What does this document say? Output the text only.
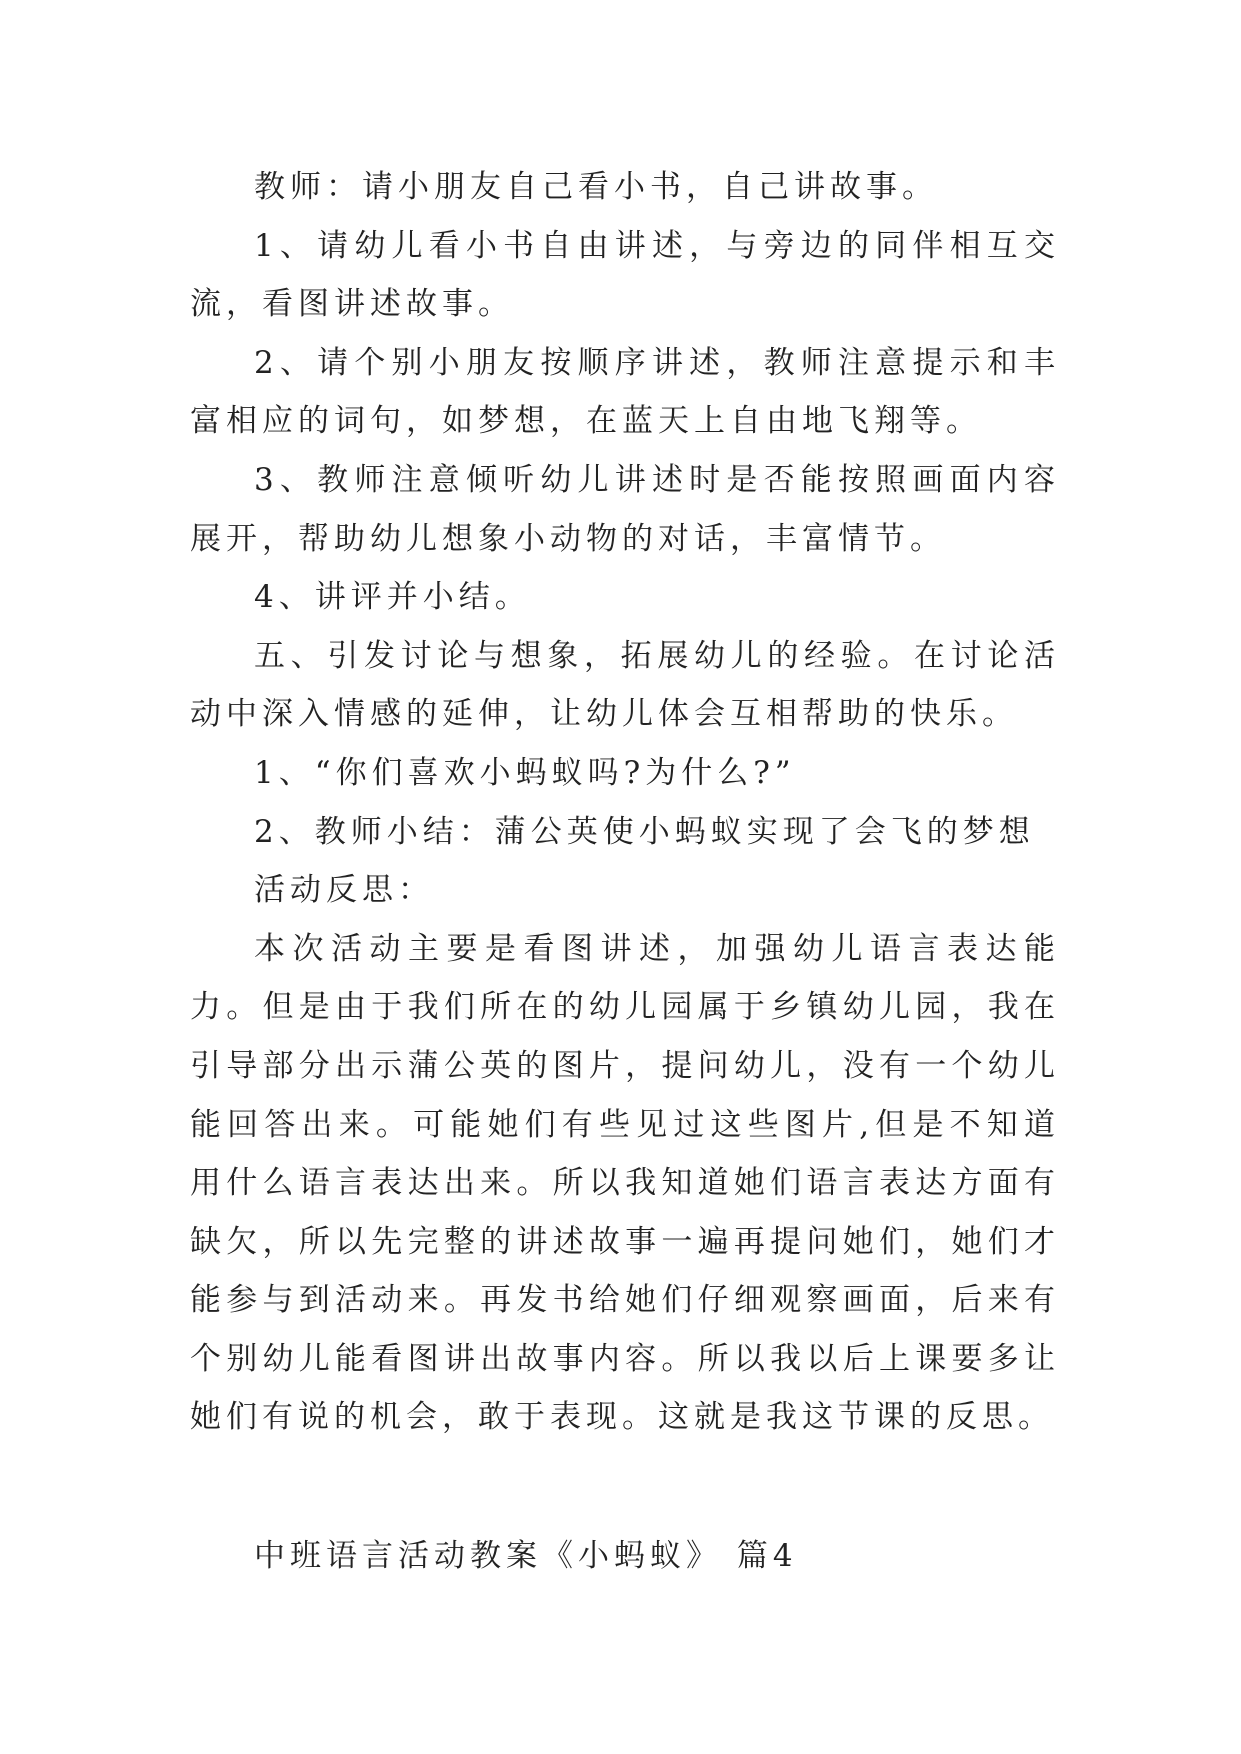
教师：请小朋友自己看小书，自己讲故事。

1、请幼儿看小书自由讲述，与旁边的同伴相互交流，看图讲述故事。

2、请个别小朋友按顺序讲述，教师注意提示和丰富相应的词句，如梦想，在蓝天上自由地飞翔等。

3、教师注意倾听幼儿讲述时是否能按照画面内容展开，帮助幼儿想象小动物的对话，丰富情节。

4、讲评并小结。

五、引发讨论与想象，拓展幼儿的经验。在讨论活动中深入情感的延伸，让幼儿体会互相帮助的快乐。

1、“你们喜欢小蚂蚁吗?为什么?”

2、教师小结：蒲公英使小蚂蚁实现了会飞的梦想

活动反思：

本次活动主要是看图讲述，加强幼儿语言表达能力。但是由于我们所在的幼儿园属于乡镇幼儿园，我在引导部分出示蒲公英的图片，提问幼儿，没有一个幼儿能回答出来。可能她们有些见过这些图片,但是不知道用什么语言表达出来。所以我知道她们语言表达方面有缺欠，所以先完整的讲述故事一遍再提问她们，她们才能参与到活动来。再发书给她们仔细观察画面，后来有个别幼儿能看图讲出故事内容。所以我以后上课要多让她们有说的机会，敢于表现。这就是我这节课的反思。

中班语言活动教案《小蚂蚁》 篇4
